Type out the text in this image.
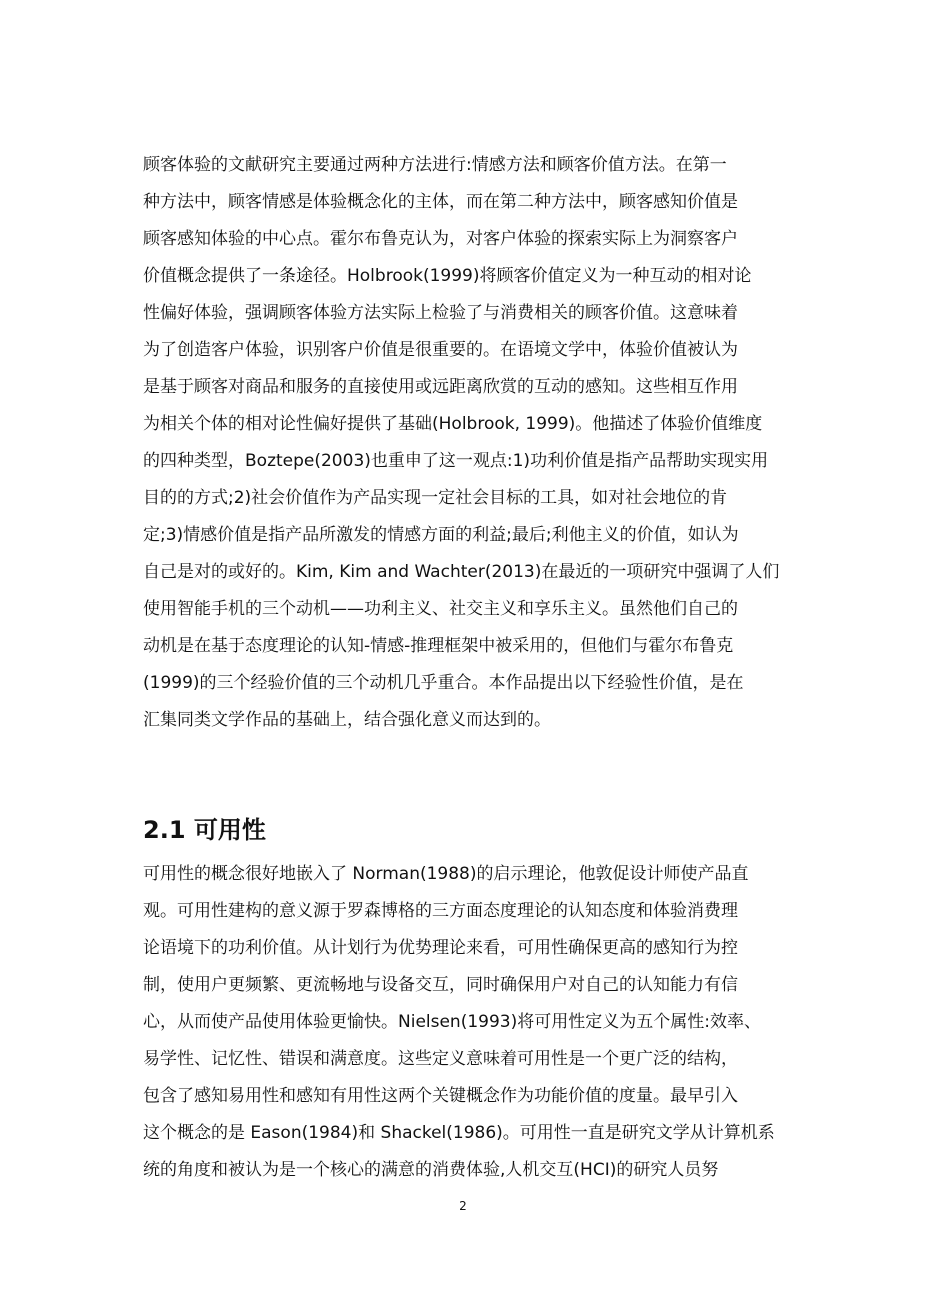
顾客体验的文献研究主要通过两种方法进行:情感方法和顾客价值方法。在第一
种方法中，顾客情感是体验概念化的主体，而在第二种方法中，顾客感知价值是
顾客感知体验的中心点。霍尔布鲁克认为，对客户体验的探索实际上为洞察客户
价值概念提供了一条途径。Holbrook(1999)将顾客价值定义为一种互动的相对论
性偏好体验，强调顾客体验方法实际上检验了与消费相关的顾客价值。这意味着
为了创造客户体验，识别客户价值是很重要的。在语境文学中，体验价值被认为
是基于顾客对商品和服务的直接使用或远距离欣赏的互动的感知。这些相互作用
为相关个体的相对论性偏好提供了基础(Holbrook, 1999)。他描述了体验价值维度
的四种类型，Boztepe(2003)也重申了这一观点:1)功利价值是指产品帮助实现实用
目的的方式;2)社会价值作为产品实现一定社会目标的工具，如对社会地位的肯
定;3)情感价值是指产品所激发的情感方面的利益;最后;利他主义的价值，如认为
自己是对的或好的。Kim, Kim and Wachter(2013)在最近的一项研究中强调了人们
使用智能手机的三个动机——功利主义、社交主义和享乐主义。虽然他们自己的
动机是在基于态度理论的认知-情感-推理框架中被采用的，但他们与霍尔布鲁克
(1999)的三个经验价值的三个动机几乎重合。本作品提出以下经验性价值，是在
汇集同类文学作品的基础上，结合强化意义而达到的。
2.1 可用性
可用性的概念很好地嵌入了 Norman(1988)的启示理论，他敦促设计师使产品直
观。可用性建构的意义源于罗森博格的三方面态度理论的认知态度和体验消费理
论语境下的功利价值。从计划行为优势理论来看，可用性确保更高的感知行为控
制，使用户更频繁、更流畅地与设备交互，同时确保用户对自己的认知能力有信
心，从而使产品使用体验更愉快。Nielsen(1993)将可用性定义为五个属性:效率、
易学性、记忆性、错误和满意度。这些定义意味着可用性是一个更广泛的结构，
包含了感知易用性和感知有用性这两个关键概念作为功能价值的度量。最早引入
这个概念的是 Eason(1984)和 Shackel(1986)。可用性一直是研究文学从计算机系
统的角度和被认为是一个核心的满意的消费体验,人机交互(HCI)的研究人员努
2
